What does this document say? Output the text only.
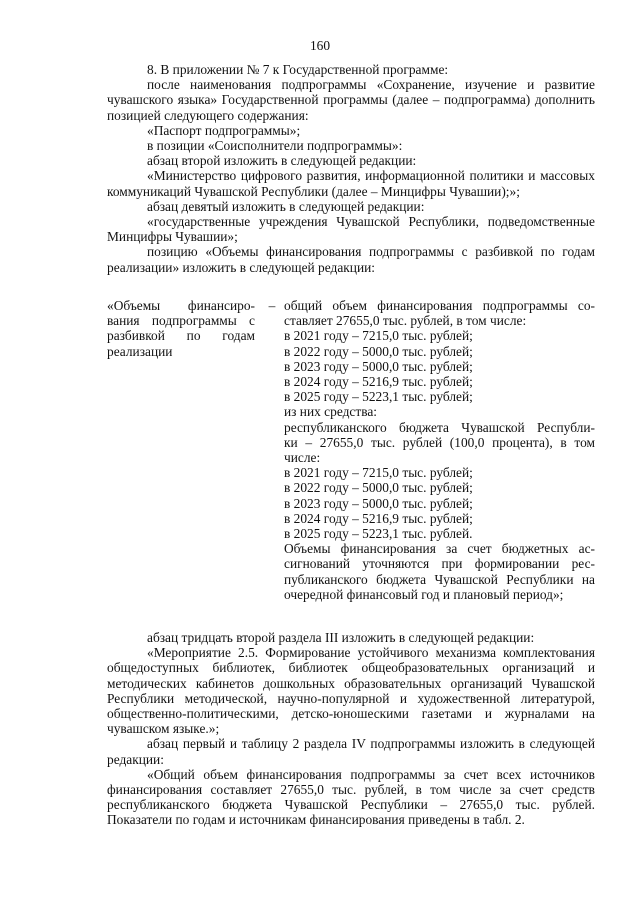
160

8. В приложении № 7 к Государственной программе:

после наименования подпрограммы «Сохранение, изучение и развитие чувашского языка» Государственной программы (далее – подпрограмма) дополнить позицией следующего содержания:

«Паспорт подпрограммы»;

в позиции «Соисполнители подпрограммы»:

абзац второй изложить в следующей редакции:

«Министерство цифрового развития, информационной политики и массовых коммуникаций Чувашской Республики (далее – Минцифры Чувашии);»;

абзац девятый изложить в следующей редакции:

«государственные учреждения Чувашской Республики, подведомственные Минцифры Чувашии»;

позицию «Объемы финансирования подпрограммы с разбивкой по годам реализации» изложить в следующей редакции:

«Объемы финансиро-
вания подпрограммы с
разбивкой по годам
реализации
– общий объем финансирования подпрограммы со-
ставляет 27655,0 тыс. рублей, в том числе:
в 2021 году – 7215,0 тыс. рублей;
в 2022 году – 5000,0 тыс. рублей;
в 2023 году – 5000,0 тыс. рублей;
в 2024 году – 5216,9 тыс. рублей;
в 2025 году – 5223,1 тыс. рублей;
из них средства:
республиканского бюджета Чувашской Республи-
ки – 27655,0 тыс. рублей (100,0 процента), в том
числе:
в 2021 году – 7215,0 тыс. рублей;
в 2022 году – 5000,0 тыс. рублей;
в 2023 году – 5000,0 тыс. рублей;
в 2024 году – 5216,9 тыс. рублей;
в 2025 году – 5223,1 тыс. рублей.
Объемы финансирования за счет бюджетных ас-
сигнований уточняются при формировании рес-
публиканского бюджета Чувашской Республики на
очередной финансовый год и плановый период»;

абзац тридцать второй раздела III изложить в следующей редакции:

«Мероприятие 2.5. Формирование устойчивого механизма комплектования общедоступных библиотек, библиотек общеобразовательных организаций и методических кабинетов дошкольных образовательных организаций Чувашской Республики методической, научно-популярной и художественной литературой, общественно-политическими, детско-юношескими газетами и журналами на чувашском языке.»;

абзац первый и таблицу 2 раздела IV подпрограммы изложить в следующей редакции:

«Общий объем финансирования подпрограммы за счет всех источников финансирования составляет 27655,0 тыс. рублей, в том числе за счет средств республиканского бюджета Чувашской Республики – 27655,0 тыс. рублей. Показатели по годам и источникам финансирования приведены в табл. 2.
